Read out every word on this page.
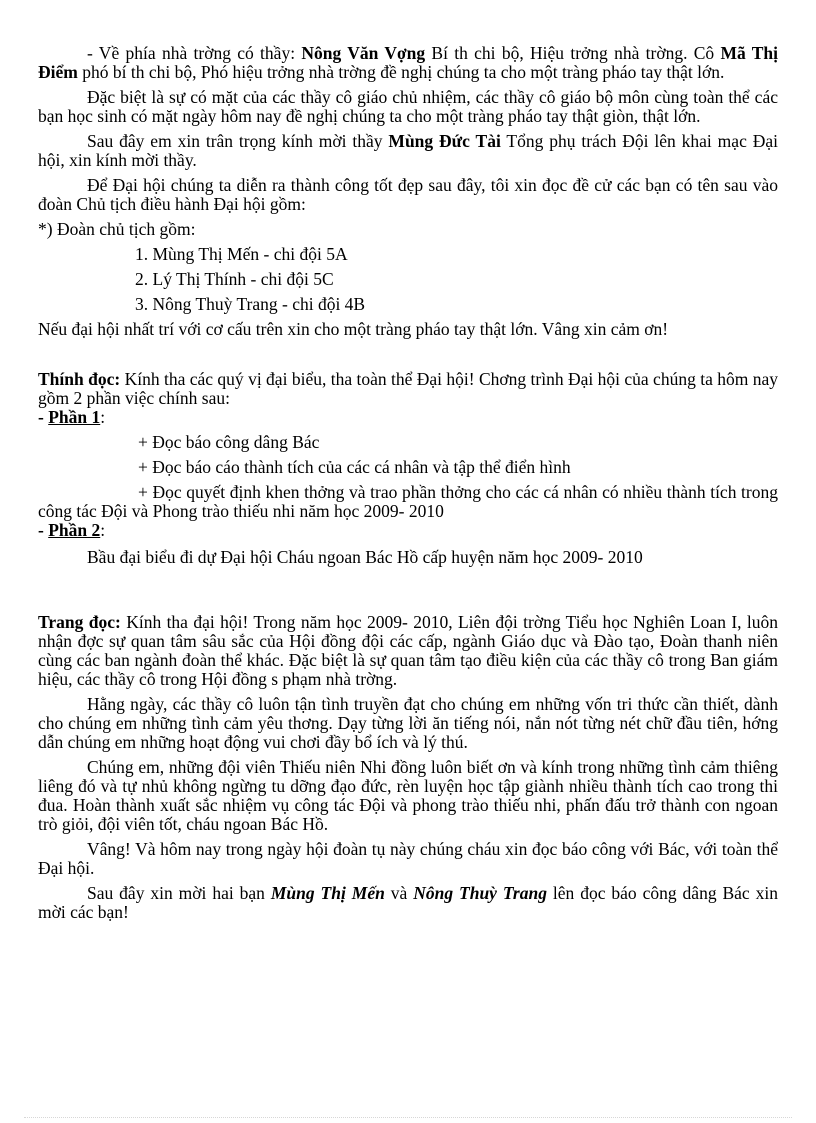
- Về phía nhà trờng có thầy: Nông Văn Vợng Bí th chi bộ, Hiệu trởng nhà trờng. Cô Mã Thị Điểm phó bí th chi bộ, Phó hiệu trởng nhà trờng đề nghị chúng ta cho một tràng pháo tay thật lớn.

Đặc biệt là sự có mặt của các thầy cô giáo chủ nhiệm, các thầy cô giáo bộ môn cùng toàn thể các bạn học sinh có mặt ngày hôm nay đề nghị chúng ta cho một tràng pháo tay thật giòn, thật lớn.

Sau đây em xin trân trọng kính mời thầy Mùng Đức Tài Tổng phụ trách Đội lên khai mạc Đại hội, xin kính mời thầy.

Để Đại hội chúng ta diễn ra thành công tốt đẹp sau đây, tôi xin đọc đề cử các bạn có tên sau vào đoàn Chủ tịch điều hành Đại hội gồm:

*) Đoàn chủ tịch gồm:

1. Mùng Thị Mến - chi đội 5A

2. Lý Thị Thính - chi đội 5C

3. Nông Thuỳ Trang - chi đội 4B

Nếu đại hội nhất trí với cơ cấu trên xin cho một tràng pháo tay thật lớn. Vâng xin cảm ơn!

Thính đọc: Kính tha các quý vị đại biểu, tha toàn thể Đại hội! Chơng trình Đại hội của chúng ta hôm nay gồm 2 phần việc chính sau:

- Phần 1:

+ Đọc báo công dâng Bác

+ Đọc báo cáo thành tích của các cá nhân và tập thể điển hình

+ Đọc quyết định khen thởng và trao phần thởng cho các cá nhân có nhiều thành tích trong công tác Đội và Phong trào thiếu nhi năm học 2009- 2010

- Phần 2:

Bầu đại biểu đi dự Đại hội Cháu ngoan Bác Hồ cấp huyện năm học 2009- 2010

Trang đọc: Kính tha đại hội! Trong năm học 2009- 2010, Liên đội trờng Tiểu học Nghiên Loan I, luôn nhận đợc sự quan tâm sâu sắc của Hội đồng đội các cấp, ngành Giáo dục và Đào tạo, Đoàn thanh niên cùng các ban ngành đoàn thể khác. Đặc biệt là sự quan tâm tạo điều kiện của các thầy cô trong Ban giám hiệu, các thầy cô trong Hội đồng s phạm nhà trờng.

Hằng ngày, các thầy cô luôn tận tình truyền đạt cho chúng em những vốn tri thức cần thiết, dành cho chúng em những tình cảm yêu thơng. Dạy từng lời ăn tiếng nói, nắn nót từng nét chữ đầu tiên, hớng dẫn chúng em những hoạt động vui chơi đầy bổ ích và lý thú.

Chúng em, những đội viên Thiếu niên Nhi đồng luôn biết ơn và kính trong những tình cảm thiêng liêng đó và tự nhủ không ngừng tu dỡng đạo đức, rèn luyện học tập giành nhiều thành tích cao trong thi đua. Hoàn thành xuất sắc nhiệm vụ công tác Đội và phong trào thiếu nhi, phấn đấu trở thành con ngoan trò giỏi, đội viên tốt, cháu ngoan Bác Hồ.

Vâng! Và hôm nay trong ngày hội đoàn tụ này chúng cháu xin đọc báo công với Bác, với toàn thể Đại hội.

Sau đây xin mời hai bạn Mùng Thị Mến và Nông Thuỳ Trang lên đọc báo công dâng Bác xin mời các bạn!
